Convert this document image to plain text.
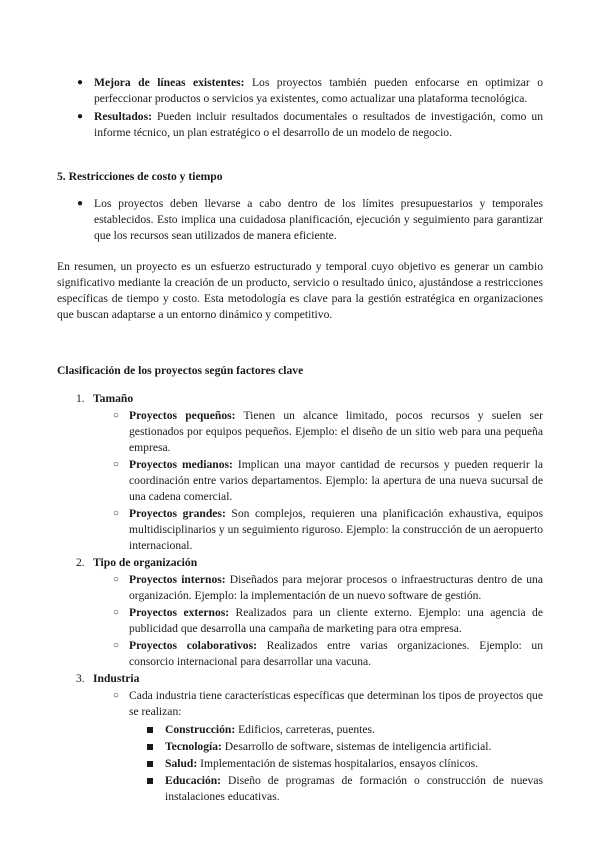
● Mejora de líneas existentes: Los proyectos también pueden enfocarse en optimizar o perfeccionar productos o servicios ya existentes, como actualizar una plataforma tecnológica.
● Resultados: Pueden incluir resultados documentales o resultados de investigación, como un informe técnico, un plan estratégico o el desarrollo de un modelo de negocio.
5. Restricciones de costo y tiempo
● Los proyectos deben llevarse a cabo dentro de los límites presupuestarios y temporales establecidos. Esto implica una cuidadosa planificación, ejecución y seguimiento para garantizar que los recursos sean utilizados de manera eficiente.

En resumen, un proyecto es un esfuerzo estructurado y temporal cuyo objetivo es generar un cambio significativo mediante la creación de un producto, servicio o resultado único, ajustándose a restricciones específicas de tiempo y costo. Esta metodología es clave para la gestión estratégica en organizaciones que buscan adaptarse a un entorno dinámico y competitivo.

Clasificación de los proyectos según factores clave
1. Tamaño
○ Proyectos pequeños: Tienen un alcance limitado, pocos recursos y suelen ser gestionados por equipos pequeños. Ejemplo: el diseño de un sitio web para una pequeña empresa.
○ Proyectos medianos: Implican una mayor cantidad de recursos y pueden requerir la coordinación entre varios departamentos. Ejemplo: la apertura de una nueva sucursal de una cadena comercial.
○ Proyectos grandes: Son complejos, requieren una planificación exhaustiva, equipos multidisciplinarios y un seguimiento riguroso. Ejemplo: la construcción de un aeropuerto internacional.
2. Tipo de organización
○ Proyectos internos: Diseñados para mejorar procesos o infraestructuras dentro de una organización. Ejemplo: la implementación de un nuevo software de gestión.
○ Proyectos externos: Realizados para un cliente externo. Ejemplo: una agencia de publicidad que desarrolla una campaña de marketing para otra empresa.
○ Proyectos colaborativos: Realizados entre varias organizaciones. Ejemplo: un consorcio internacional para desarrollar una vacuna.
3. Industria
○ Cada industria tiene características específicas que determinan los tipos de proyectos que se realizan:
Construcción: Edificios, carreteras, puentes.
Tecnología: Desarrollo de software, sistemas de inteligencia artificial.
Salud: Implementación de sistemas hospitalarios, ensayos clínicos.
Educación: Diseño de programas de formación o construcción de nuevas instalaciones educativas.
